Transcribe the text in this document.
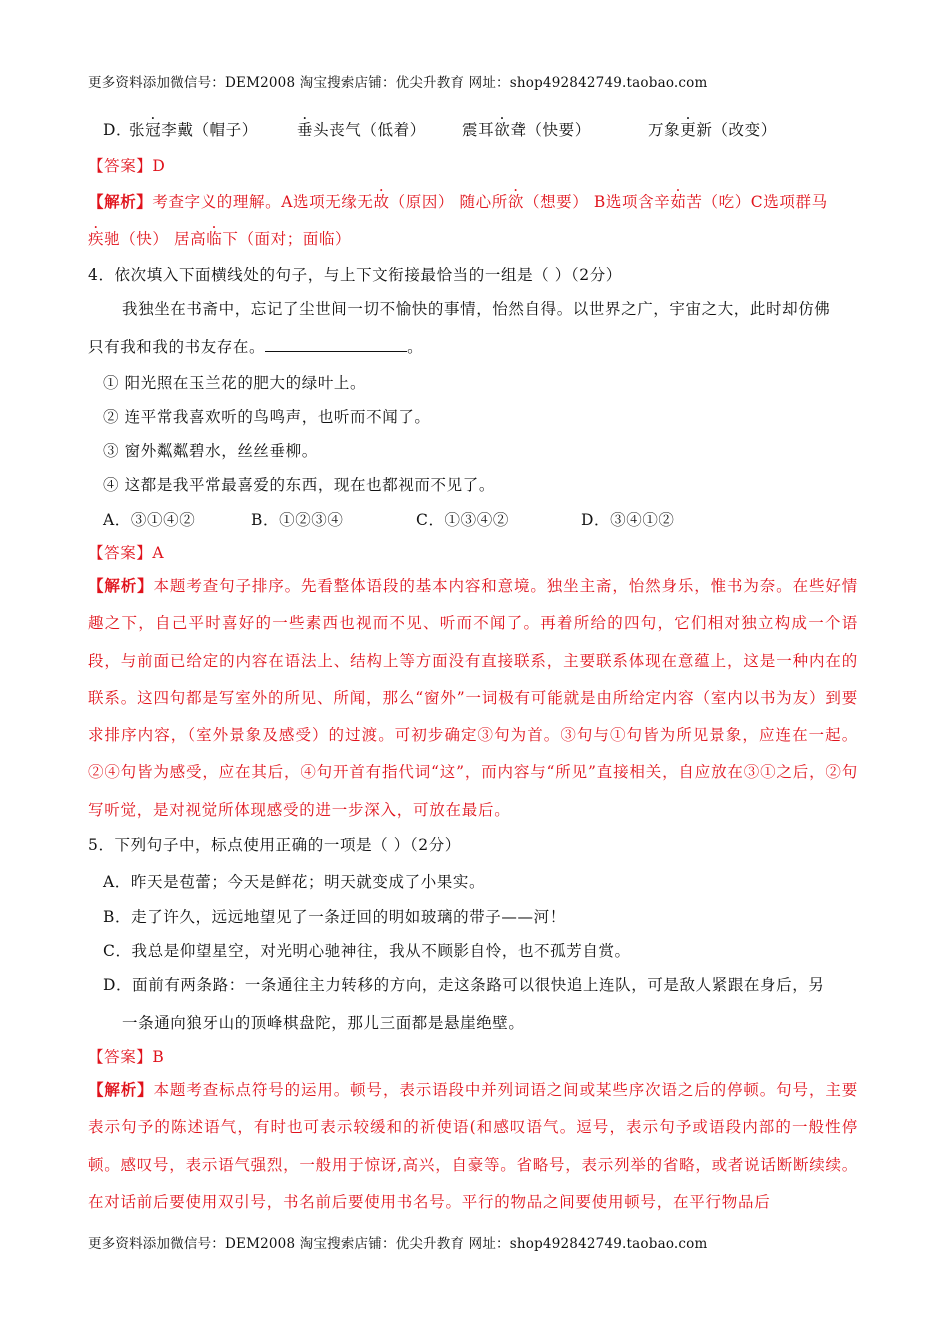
更多资料添加微信号：DEM2008 淘宝搜索店铺：优尖升教育 网址：shop492842749.taobao.com
D．
张冠李戴（帽子）	垂头丧气（低着） 震耳欲聋（快要）	万象更新（改变）
【答案】D
【解析】考查字义的理解。A选项无缘无故（原因） 随心所欲（想要） B选项含辛茹苦（吃）C选项群马
疾驰（快） 居高临下（面对；面临）
4．依次填入下面横线处的句子，与上下文衔接最恰当的一组是（ ）（2分）
我独坐在书斋中，忘记了尘世间一切不愉快的事情，怡然自得。以世界之广，宇宙之大，此时却仿佛
只有我和我的书友存在。	。
① 阳光照在玉兰花的肥大的绿叶上。
② 连平常我喜欢听的鸟鸣声，也听而不闻了。
③ 窗外粼粼碧水，丝丝垂柳。
④ 这都是我平常最喜爱的东西，现在也都视而不见了。
A．③①④②	B．①②③④	C．①③④②	D．③④①②
【答案】A
【解析】本题考查句子排序。先看整体语段的基本内容和意境。独坐主斋，怡然身乐，惟书为奈。在些好情趣之下，自己平时喜好的一些素西也视而不见、听而不闻了。再着所给的四句，它们相对独立构成一个语段，与前面已给定的内容在语法上、结构上等方面没有直接联系，主要联系体现在意蕴上，这是一种内在的联系。这四句都是写室外的所见、所闻，那么“窗外”一词极有可能就是由所给定内容（室内以书为友）到要求排序内容，（室外景象及感受）的过渡。可初步确定③句为首。③句与①句皆为所见景象，应连在一起。②④句皆为感受，应在其后，④句开首有指代词“这”，而内容与“所见”直接相关，自应放在③①之后，②句写听觉，是对视觉所体现感受的进一步深入，可放在最后。
5．下列句子中，标点使用正确的一项是（ ）（2分）
A．昨天是苞蕾；今天是鲜花；明天就变成了小果实。
B．走了许久，远远地望见了一条迂回的明如玻璃的带子——河！
C．我总是仰望星空，对光明心驰神往，我从不顾影自怜，也不孤芳自赏。
D．面前有两条路：一条通往主力转移的方向，走这条路可以很快追上连队，可是敌人紧跟在身后，另
一条通向狼牙山的顶峰棋盘陀，那儿三面都是悬崖绝壁。
【答案】B
【解析】本题考查标点符号的运用。顿号，表示语段中并列词语之间或某些序次语之后的停顿。句号，主要表示句予的陈述语气，有时也可表示较缓和的祈使语(和感叹语气。逗号，表示句予或语段内部的一般性停顿。感叹号，表示语气强烈，一般用于惊讶,高兴，自豪等。省略号，表示列举的省略，或者说话断断续续。在对话前后要使用双引号，书名前后要使用书名号。平行的物品之间要使用顿号，在平行物品后
更多资料添加微信号：DEM2008 淘宝搜索店铺：优尖升教育 网址：shop492842749.taobao.com
